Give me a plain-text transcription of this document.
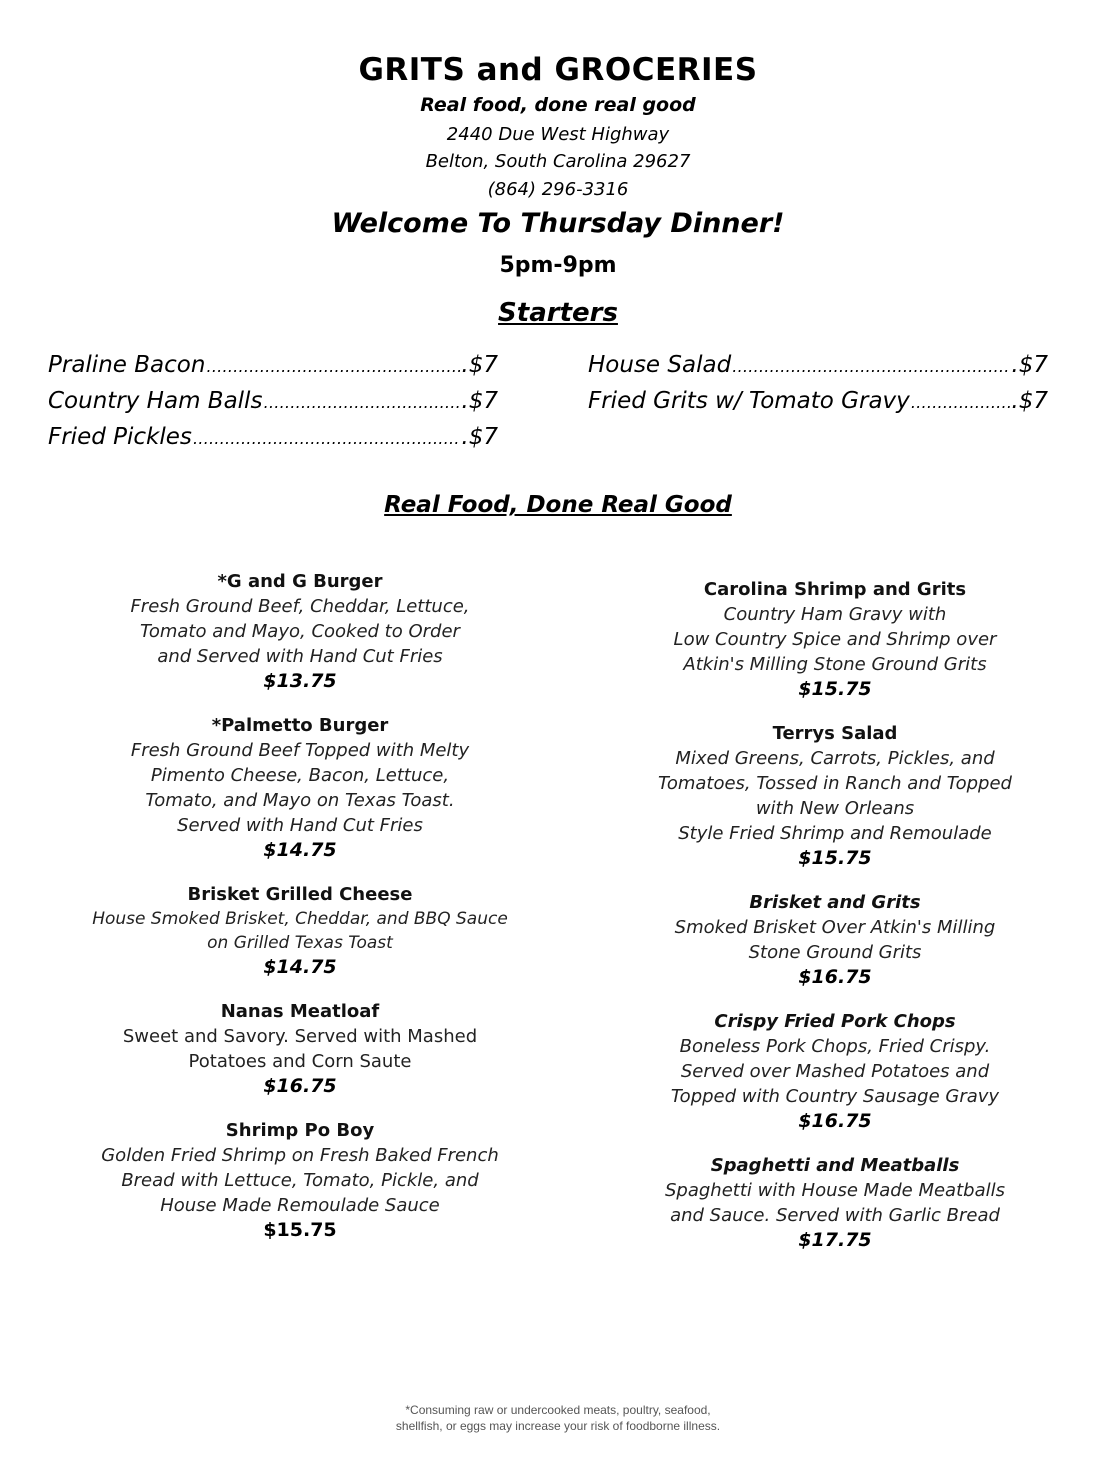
GRITS and GROCERIES
Real food, done real good
2440 Due West Highway
Belton, South Carolina 29627
(864) 296-3316
Welcome To Thursday Dinner!
5pm-9pm
Starters
Praline Bacon …………………………………………………………………………………………………………………………	.$7
Country Ham Balls …………………………………………………………………………………………………………………………	.$7
Fried Pickles …………………………………………………………………………………………………………………………	.$7
House Salad …………………………………………………………………………………………………………………………	.$7
Fried Grits w/ Tomato Gravy …………………………………………………………………………………………………………………………	.$7
Real Food, Done Real Good
*G and G Burger
Fresh Ground Beef, Cheddar, Lettuce,
Tomato and Mayo, Cooked to Order
and Served with Hand Cut Fries
$13.75
*Palmetto Burger
Fresh Ground Beef Topped with Melty
Pimento Cheese, Bacon, Lettuce,
Tomato, and Mayo on Texas Toast.
Served with Hand Cut Fries
$14.75
Brisket Grilled Cheese
House Smoked Brisket, Cheddar, and BBQ Sauce
on Grilled Texas Toast
$14.75
Nanas Meatloaf
Sweet and Savory. Served with Mashed
Potatoes and Corn Saute
$16.75
Shrimp Po Boy
Golden Fried Shrimp on Fresh Baked French
Bread with Lettuce, Tomato, Pickle, and
House Made Remoulade Sauce
$15.75
Carolina Shrimp and Grits
Country Ham Gravy with
Low Country Spice and Shrimp over
Atkin's Milling Stone Ground Grits
$15.75
Terrys Salad
Mixed Greens, Carrots, Pickles, and
Tomatoes, Tossed in Ranch and Topped
with New Orleans
Style Fried Shrimp and Remoulade
$15.75
Brisket and Grits
Smoked Brisket Over Atkin's Milling
Stone Ground Grits
$16.75
Crispy Fried Pork Chops
Boneless Pork Chops, Fried Crispy.
Served over Mashed Potatoes and
Topped with Country Sausage Gravy
$16.75
Spaghetti and Meatballs
Spaghetti with House Made Meatballs
and Sauce. Served with Garlic Bread
$17.75
*Consuming raw or undercooked meats, poultry, seafood,
shellfish, or eggs may increase your risk of foodborne illness.
